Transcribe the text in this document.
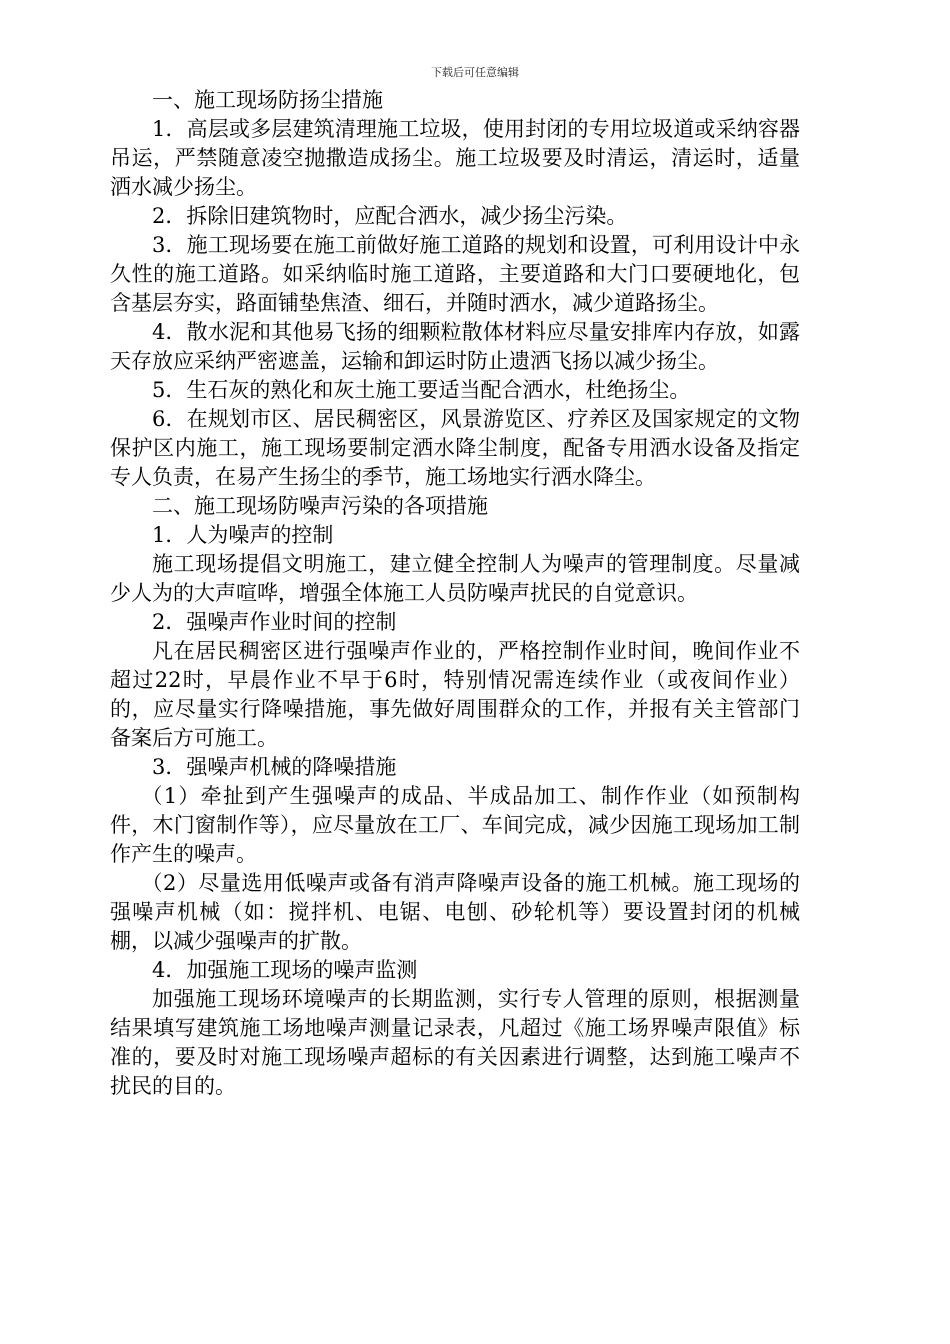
下载后可任意编辑

一、施工现场防扬尘措施

1．高层或多层建筑清理施工垃圾，使用封闭的专用垃圾道或采纳容器吊运，严禁随意凌空抛撒造成扬尘。施工垃圾要及时清运，清运时，适量洒水减少扬尘。

2．拆除旧建筑物时，应配合洒水，减少扬尘污染。

3．施工现场要在施工前做好施工道路的规划和设置，可利用设计中永久性的施工道路。如采纳临时施工道路，主要道路和大门口要硬地化，包含基层夯实，路面铺垫焦渣、细石，并随时洒水，减少道路扬尘。

4．散水泥和其他易飞扬的细颗粒散体材料应尽量安排库内存放，如露天存放应采纳严密遮盖，运输和卸运时防止遗洒飞扬以减少扬尘。

5．生石灰的熟化和灰土施工要适当配合洒水，杜绝扬尘。

6．在规划市区、居民稠密区，风景游览区、疗养区及国家规定的文物保护区内施工，施工现场要制定洒水降尘制度，配备专用洒水设备及指定专人负责，在易产生扬尘的季节，施工场地实行洒水降尘。

二、施工现场防噪声污染的各项措施

1．人为噪声的控制

施工现场提倡文明施工，建立健全控制人为噪声的管理制度。尽量减少人为的大声喧哗，增强全体施工人员防噪声扰民的自觉意识。

2．强噪声作业时间的控制

凡在居民稠密区进行强噪声作业的，严格控制作业时间，晚间作业不超过22时，早晨作业不早于6时，特别情况需连续作业（或夜间作业）的，应尽量实行降噪措施，事先做好周围群众的工作，并报有关主管部门备案后方可施工。

3．强噪声机械的降噪措施

（1）牵扯到产生强噪声的成品、半成品加工、制作作业（如预制构件，木门窗制作等），应尽量放在工厂、车间完成，减少因施工现场加工制作产生的噪声。

（2）尽量选用低噪声或备有消声降噪声设备的施工机械。施工现场的强噪声机械（如：搅拌机、电锯、电刨、砂轮机等）要设置封闭的机械棚，以减少强噪声的扩散。

4．加强施工现场的噪声监测

加强施工现场环境噪声的长期监测，实行专人管理的原则，根据测量结果填写建筑施工场地噪声测量记录表，凡超过《施工场界噪声限值》标准的，要及时对施工现场噪声超标的有关因素进行调整，达到施工噪声不扰民的目的。
